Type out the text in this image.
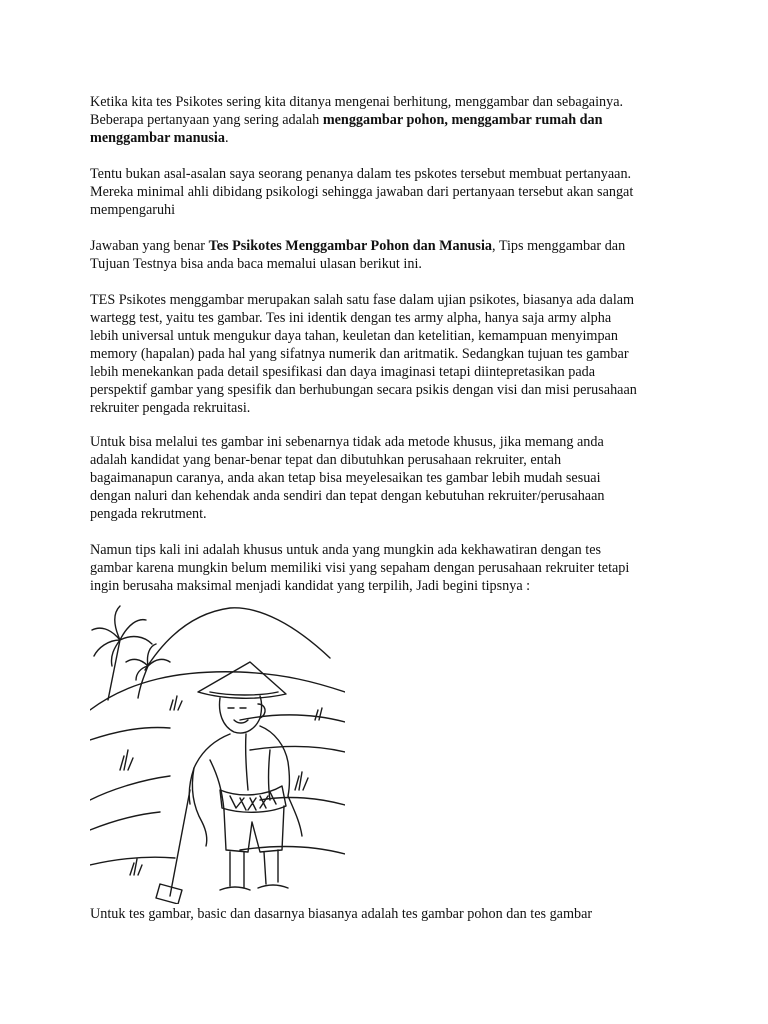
Ketika kita tes Psikotes sering kita ditanya mengenai berhitung, menggambar dan sebagainya.
Beberapa pertanyaan yang sering adalah menggambar pohon, menggambar rumah dan
menggambar manusia.

Tentu bukan asal-asalan saya seorang penanya dalam tes pskotes tersebut membuat pertanyaan.
Mereka minimal ahli dibidang psikologi sehingga jawaban dari pertanyaan tersebut akan sangat
mempengaruhi

Jawaban yang benar Tes Psikotes Menggambar Pohon dan Manusia, Tips menggambar dan
Tujuan Testnya bisa anda baca memalui ulasan berikut ini.

TES Psikotes menggambar merupakan salah satu fase dalam ujian psikotes, biasanya ada dalam
wartegg test, yaitu tes gambar. Tes ini identik dengan tes army alpha, hanya saja army alpha
lebih universal untuk mengukur daya tahan, keuletan dan ketelitian, kemampuan menyimpan
memory (hapalan) pada hal yang sifatnya numerik dan aritmatik. Sedangkan tujuan tes gambar
lebih menekankan pada detail spesifikasi dan daya imaginasi tetapi diintepretasikan pada
perspektif gambar yang spesifik dan berhubungan secara psikis dengan visi dan misi perusahaan
rekruiter pengada rekruitasi.

Untuk bisa melalui tes gambar ini sebenarnya tidak ada metode khusus, jika memang anda
adalah kandidat yang benar-benar tepat dan dibutuhkan perusahaan rekruiter, entah
bagaimanapun caranya, anda akan tetap bisa meyelesaikan tes gambar lebih mudah sesuai
dengan naluri dan kehendak anda sendiri dan tepat dengan kebutuhan rekruiter/perusahaan
pengada rekrutment.

Namun tips kali ini adalah khusus untuk anda yang mungkin ada kekhawatiran dengan tes
gambar karena mungkin belum memiliki visi yang sepaham dengan perusahaan rekruiter tetapi
ingin berusaha maksimal menjadi kandidat yang terpilih, Jadi begini tipsnya :

Untuk tes gambar, basic dan dasarnya biasanya adalah tes gambar pohon dan tes gambar
